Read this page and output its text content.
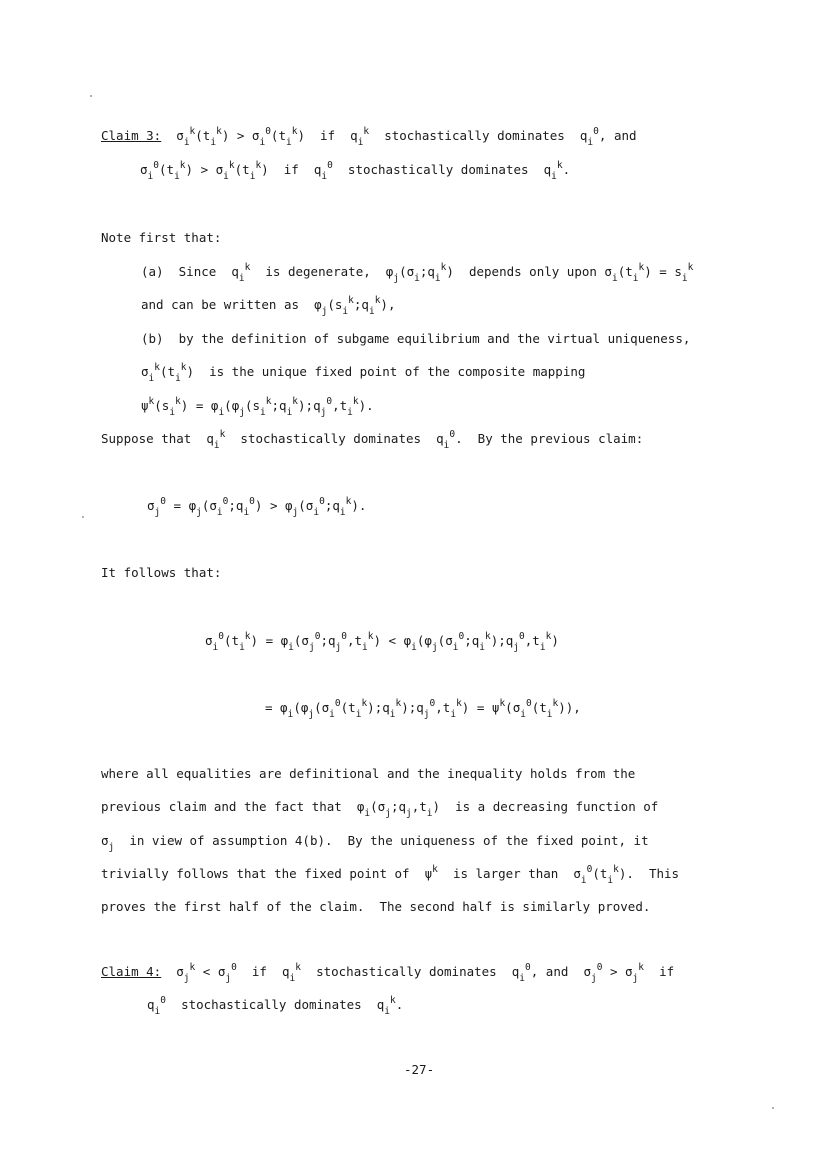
Claim 3: $\sigma_i^k(t_i^k) > \sigma_i^0(t_i^k)$ if  $q_i^k$ stochastically dominates  $q_i^0$, and
$\sigma_i^0(t_i^k) > \sigma_i^k(t_i^k)$  if  $q_i^0$ stochastically dominates  $q_i^k$.
Note first that:
(a) Since  $q_i^k$ is degenerate,  $\varphi_j(\sigma_i;q_i^k)$  depends only upon $\sigma_i(t_i^k) = s_i^k$
and can be written as  $\varphi_j(s_i^k;q_i^k)$,
(b)  by the definition of subgame equilibrium and the virtual uniqueness,
$\sigma_i^k(t_i^k)$  is the unique fixed point of the composite mapping
$\psi^k(s_i^k)$ = $\varphi_i(\varphi_j(s_i^k;q_i^k);q_j^0,t_i^k)$.
Suppose that  $q_i^k$ stochastically dominates  $q_i^0$.  By the previous claim:
$\sigma_j^0$ = $\varphi_j(\sigma_i^0;q_i^0)$ > $\varphi_j(\sigma_i^0;q_i^k)$.
It follows that:
$\sigma_i^0(t_i^k)$ = $\varphi_i(\sigma_j^0;q_j^0,t_i^k)$ < $\varphi_i(\varphi_j(\sigma_i^0;q_i^k);q_j^0,t_i^k)$
= $\varphi_i(\varphi_j(\sigma_i^0(t_i^k);q_i^k);q_j^0,t_i^k) = \psi^k(\sigma_i^0(t_i^k))$,
where all equalities are definitional and the inequality holds from the
previous claim and the fact that  $\varphi_i(\sigma_j;q_j,t_i)$  is a decreasing function of
$\sigma_j$ in view of assumption 4(b).  By the uniqueness of the fixed point, it
trivially follows that the fixed point of  $\psi^k$ is larger than  $\sigma_i^0(t_i^k)$.  This
proves the first half of the claim.  The second half is similarly proved.
Claim 4:  $\sigma_j^k < \sigma_j^0$ if  $q_i^k$ stochastically dominates  $q_i^0$, and  $\sigma_j^0 > \sigma_j^k$ if
$q_i^0$ stochastically dominates  $q_i^k$.
-27-
